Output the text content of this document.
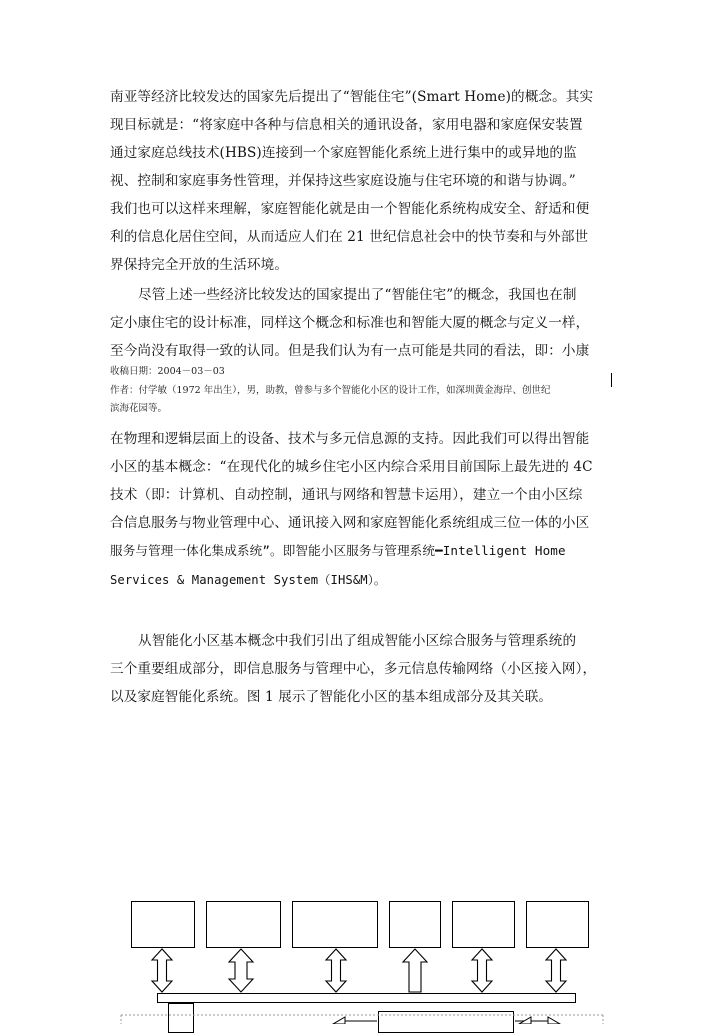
南亚等经济比较发达的国家先后提出了“智能住宅”(Smart Home)的概念。其实
现目标就是：“将家庭中各种与信息相关的通讯设备，家用电器和家庭保安装置
通过家庭总线技术(HBS)连接到一个家庭智能化系统上进行集中的或异地的监
视、控制和家庭事务性管理，并保持这些家庭设施与住宅环境的和谐与协调。”
我们也可以这样来理解，家庭智能化就是由一个智能化系统构成安全、舒适和便
利的信息化居住空间，从而适应人们在 21 世纪信息社会中的快节奏和与外部世
界保持完全开放的生活环境。
尽管上述一些经济比较发达的国家提出了“智能住宅”的概念，我国也在制
定小康住宅的设计标准，同样这个概念和标准也和智能大厦的概念与定义一样，
至今尚没有取得一致的认同。但是我们认为有一点可能是共同的看法，即：小康
收稿日期：2004－03－03
作者：付学敏（1972 年出生），男，助教，曾参与多个智能化小区的设计工作，如深圳黄金海岸、创世纪
滨海花园等。
在物理和逻辑层面上的设备、技术与多元信息源的支持。因此我们可以得出智能
小区的基本概念：“在现代化的城乡住宅小区内综合采用目前国际上最先进的 4C
技术（即：计算机、自动控制，通讯与网络和智慧卡运用），建立一个由小区综
合信息服务与物业管理中心、通讯接入网和家庭智能化系统组成三位一体的小区
服务与管理一体化集成系统”。即智能小区服务与管理系统━Intelligent Home
Services & Management System（IHS&M）。
从智能化小区基本概念中我们引出了组成智能小区综合服务与管理系统的
三个重要组成部分，即信息服务与管理中心，多元信息传输网络（小区接入网），
以及家庭智能化系统。图 1 展示了智能化小区的基本组成部分及其关联。
